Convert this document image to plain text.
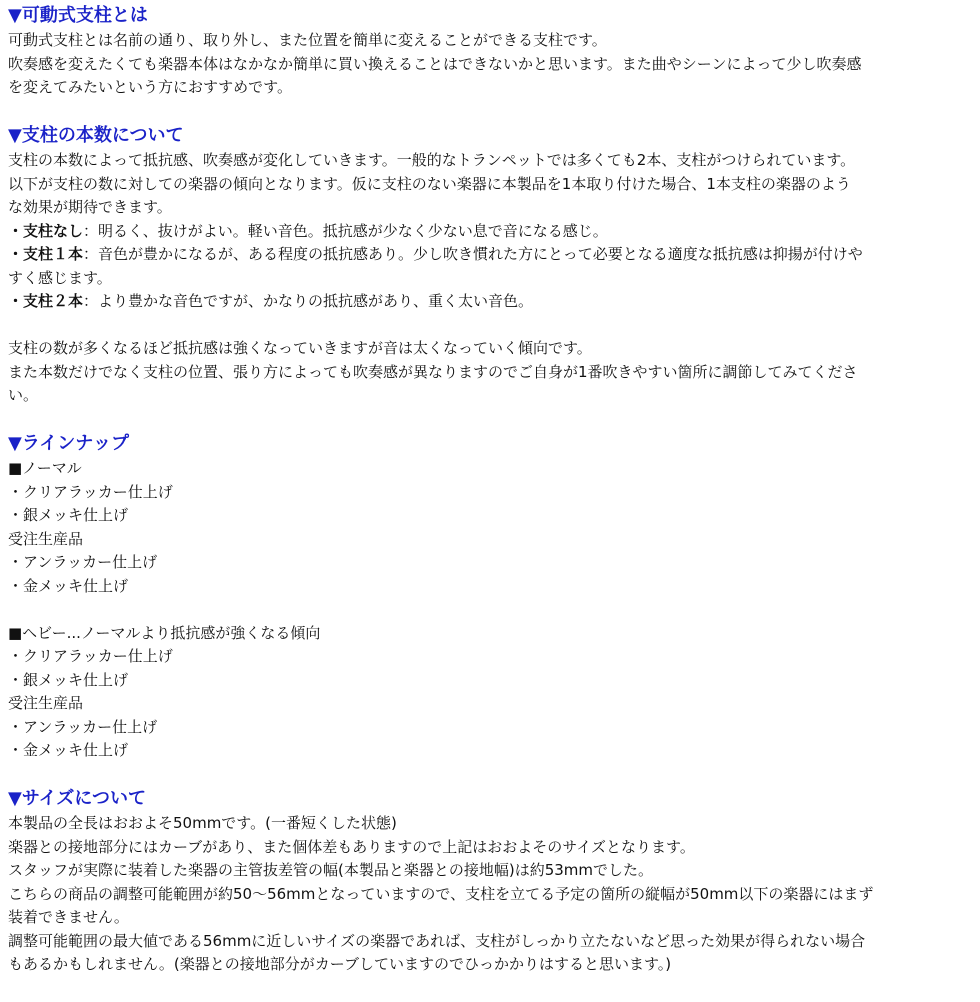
▼可動式支柱とは
可動式支柱とは名前の通り、取り外し、また位置を簡単に変えることができる支柱です。
吹奏感を変えたくても楽器本体はなかなか簡単に買い換えることはできないかと思います。また曲やシーンによって少し吹奏感
を変えてみたいという方におすすめです。
▼支柱の本数について
支柱の本数によって抵抗感、吹奏感が変化していきます。一般的なトランペットでは多くても2本、支柱がつけられています。
以下が支柱の数に対しての楽器の傾向となります。仮に支柱のない楽器に本製品を1本取り付けた場合、1本支柱の楽器のよう
な効果が期待できます。
・支柱なし：明るく、抜けがよい。軽い音色。抵抗感が少なく少ない息で音になる感じ。
・支柱１本：音色が豊かになるが、ある程度の抵抗感あり。少し吹き慣れた方にとって必要となる適度な抵抗感は抑揚が付けや
すく感じます。
・支柱２本：より豊かな音色ですが、かなりの抵抗感があり、重く太い音色。
支柱の数が多くなるほど抵抗感は強くなっていきますが音は太くなっていく傾向です。
また本数だけでなく支柱の位置、張り方によっても吹奏感が異なりますのでご自身が1番吹きやすい箇所に調節してみてくださ
い。
▼ラインナップ
■ノーマル
・クリアラッカー仕上げ
・銀メッキ仕上げ
受注生産品
・アンラッカー仕上げ
・金メッキ仕上げ
■ヘビー...ノーマルより抵抗感が強くなる傾向
・クリアラッカー仕上げ
・銀メッキ仕上げ
受注生産品
・アンラッカー仕上げ
・金メッキ仕上げ
▼サイズについて
本製品の全長はおおよそ50mmです。(一番短くした状態)
楽器との接地部分にはカーブがあり、また個体差もありますので上記はおおよそのサイズとなります。
スタッフが実際に装着した楽器の主管抜差管の幅(本製品と楽器との接地幅)は約53mmでした。
こちらの商品の調整可能範囲が約50～56mmとなっていますので、支柱を立てる予定の箇所の縦幅が50mm以下の楽器にはまず
装着できません。
調整可能範囲の最大値である56mmに近しいサイズの楽器であれば、支柱がしっかり立たないなど思った効果が得られない場合
もあるかもしれません。(楽器との接地部分がカーブしていますのでひっかかりはすると思います。)
